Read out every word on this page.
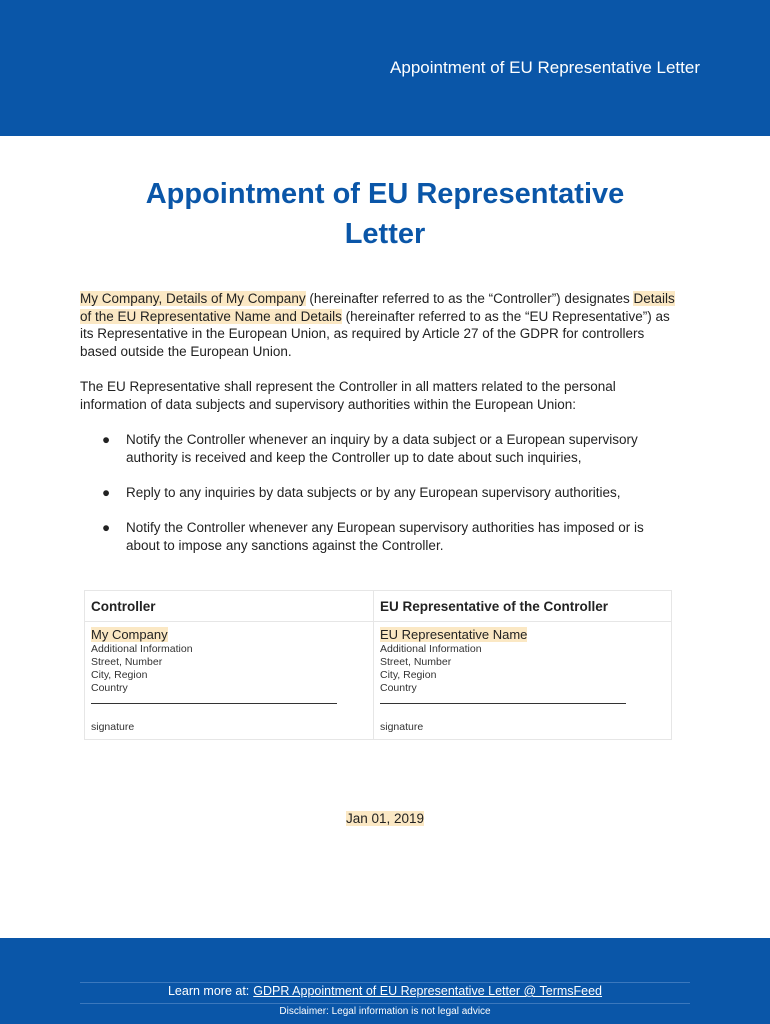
Appointment of EU Representative Letter
Appointment of EU Representative
Letter
My Company, Details of My Company (hereinafter referred to as the “Controller”) designates Details of the EU Representative Name and Details (hereinafter referred to as the “EU Representative”) as its Representative in the European Union, as required by Article 27 of the GDPR for controllers based outside the European Union.
The EU Representative shall represent the Controller in all matters related to the personal information of data subjects and supervisory authorities within the European Union:
● Notify the Controller whenever an inquiry by a data subject or a European supervisory authority is received and keep the Controller up to date about such inquiries,
● Reply to any inquiries by data subjects or by any European supervisory authorities,
● Notify the Controller whenever any European supervisory authorities has imposed or is about to impose any sanctions against the Controller.
Controller
My Company
Additional Information
Street, Number
City, Region
Country
signature
EU Representative of the Controller
EU Representative Name
Additional Information
Street, Number
City, Region
Country
signature
Jan 01, 2019
Learn more at: GDPR Appointment of EU Representative Letter @ TermsFeed
Disclaimer: Legal information is not legal advice
